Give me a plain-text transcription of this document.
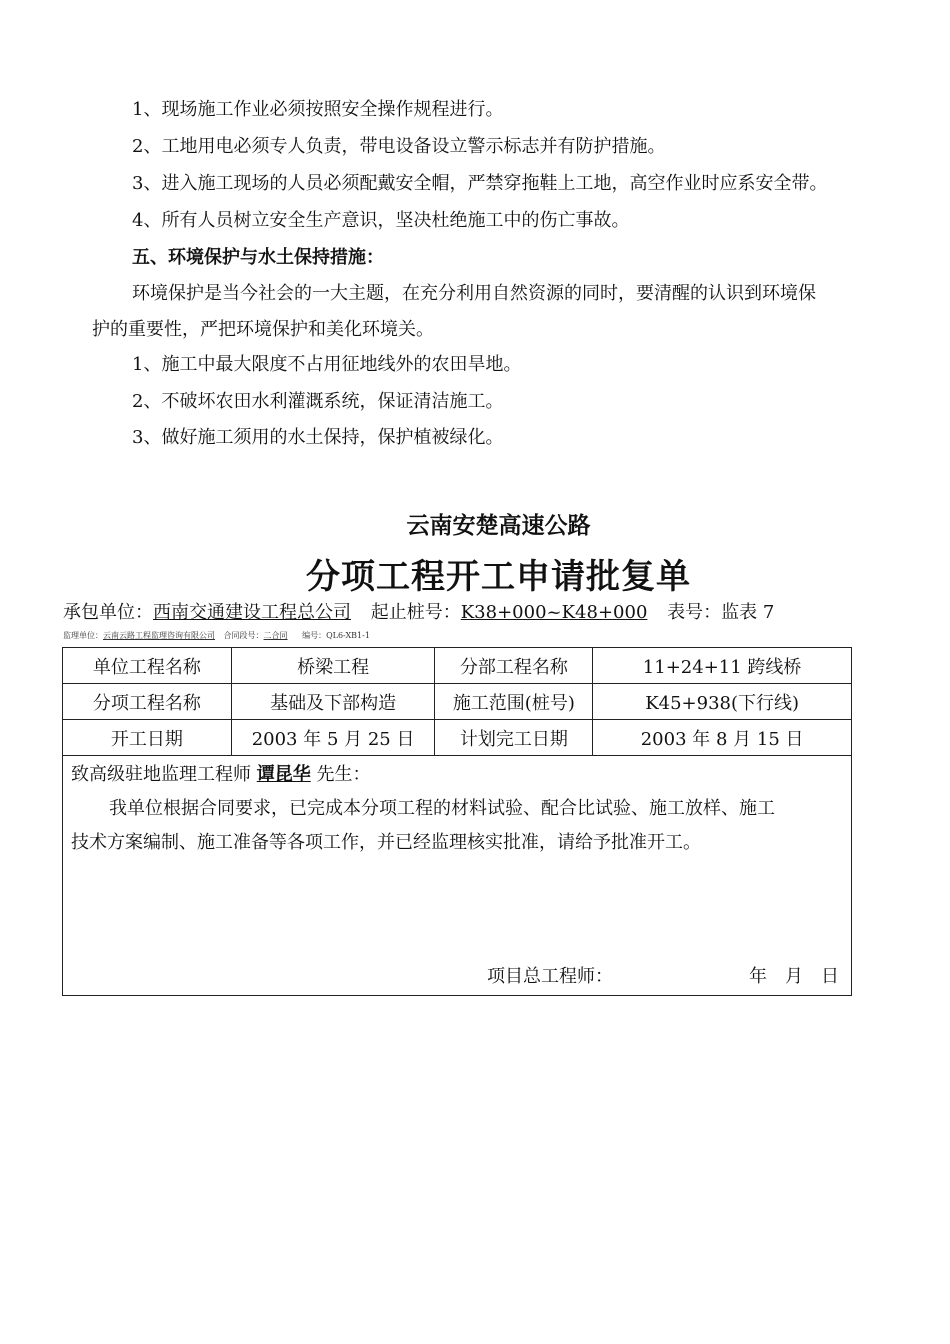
1、现场施工作业必须按照安全操作规程进行。
2、工地用电必须专人负责，带电设备设立警示标志并有防护措施。
3、进入施工现场的人员必须配戴安全帽，严禁穿拖鞋上工地，高空作业时应系安全带。
4、所有人员树立安全生产意识，坚决杜绝施工中的伤亡事故。
五、环境保护与水土保持措施：
环境保护是当今社会的一大主题，在充分利用自然资源的同时，要清醒的认识到环境保
护的重要性，严把环境保护和美化环境关。
1、施工中最大限度不占用征地线外的农田旱地。
2、不破坏农田水利灌溉系统，保证清洁施工。
3、做好施工须用的水土保持，保护植被绿化。
云南安楚高速公路
分项工程开工申请批复单
承包单位：西南交通建设工程总公司 起止桩号：K38+000~K48+000 表号：监表 7
监理单位：云南云路工程监理咨询有限公司 合同段号：二合同 编号：QL6-XB1-1
单位工程名称	桥梁工程	分部工程名称	11+24+11 跨线桥
分项工程名称	基础及下部构造	施工范围(桩号)	K45+938(下行线)
开工日期	2003 年 5 月 25 日	计划完工日期	2003 年 8 月 15 日
致高级驻地监理工程师 谭昆华 先生：
我单位根据合同要求，已完成本分项工程的材料试验、配合比试验、施工放样、施工
技术方案编制、施工准备等各项工作，并已经监理核实批准，请给予批准开工。
项目总工程师：	年　月　日
